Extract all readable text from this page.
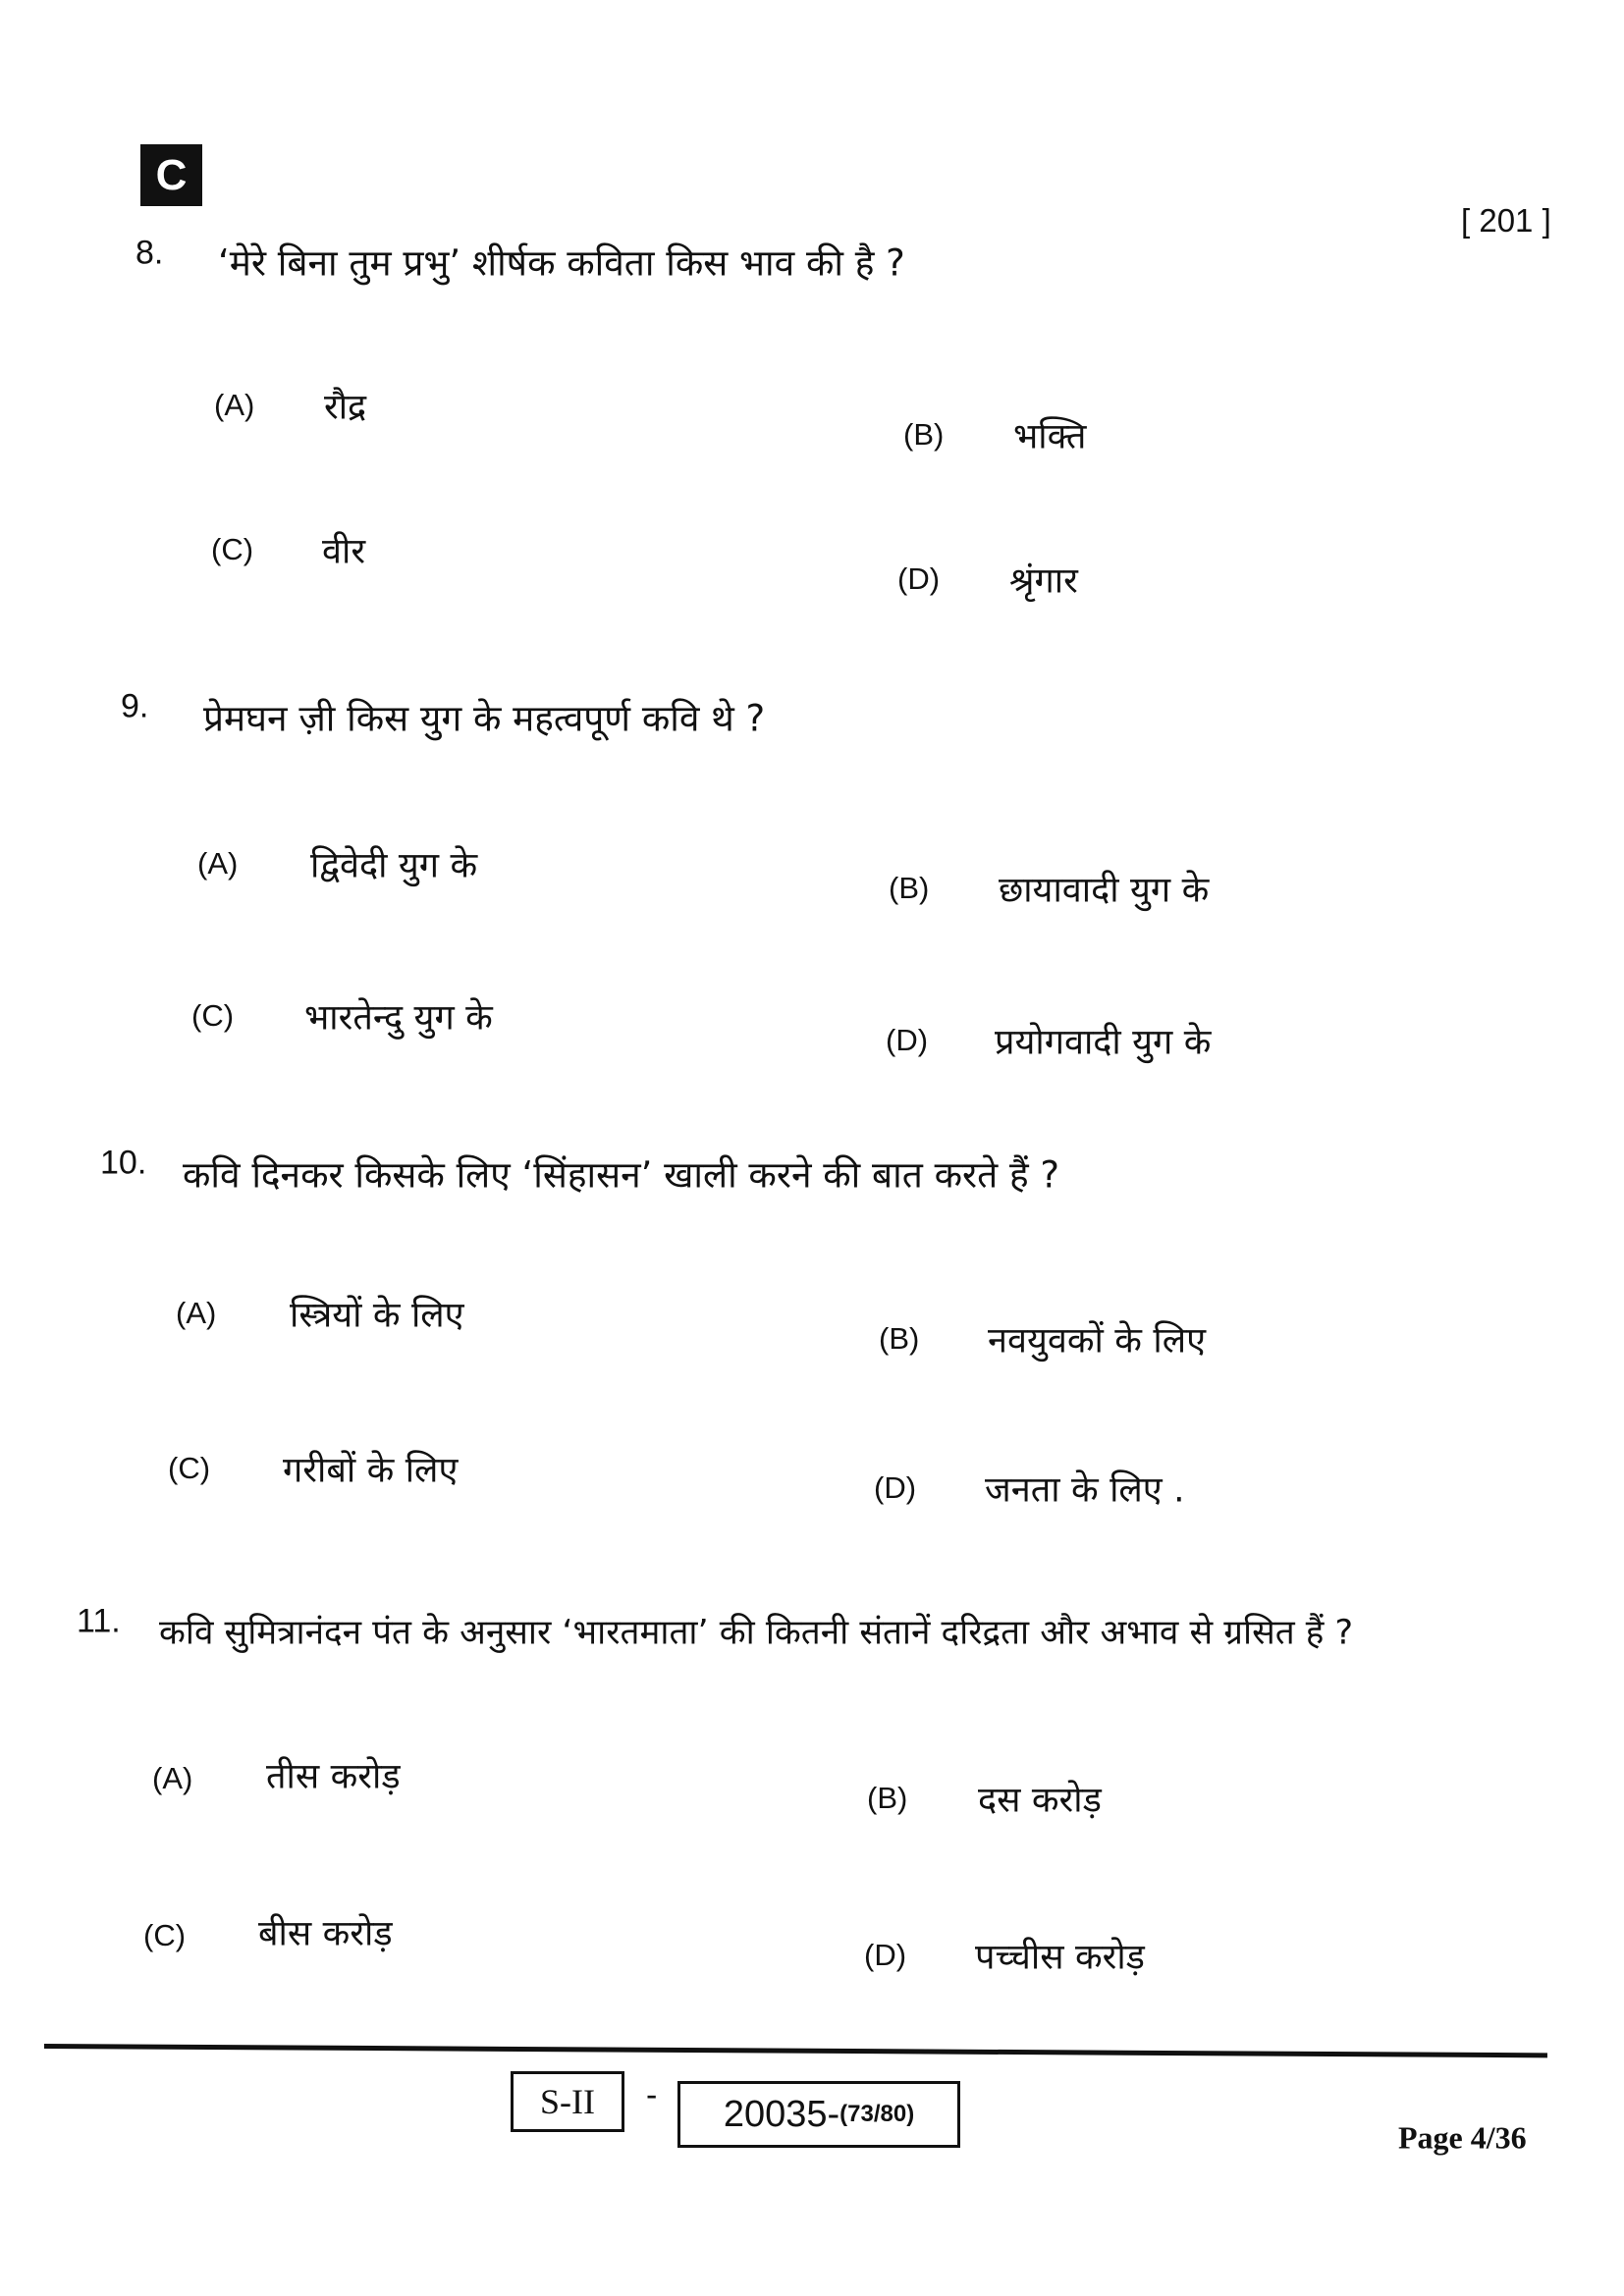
C
[ 201 ]
8. ‘मेरे बिना तुम प्रभु’ शीर्षक कविता किस भाव की है ?
(A) रौद्र
(B) भक्ति
(C) वीर
(D) श्रृंगार
9. प्रेमघन ज़ी किस युग के महत्वपूर्ण कवि थे ?
(A) द्विवेदी युग के
(B) छायावादी युग के
(C) भारतेन्दु युग के
(D) प्रयोगवादी युग के
10. कवि दिनकर किसके लिए ‘सिंहासन’ खाली करने की बात करते हैं ?
(A) स्त्रियों के लिए
(B) नवयुवकों के लिए
(C) गरीबों के लिए	(D) जनता के लिए .
11. कवि सुमित्रानंदन पंत के अनुसार ‘भारतमाता’ की कितनी संतानें दरिद्रता और अभाव से ग्रसित हैं ?
(A) तीस करोड़
(B) दस करोड़
(C) बीस करोड़
(D) पच्चीस करोड़
S-II	- 20035- (73/80)
Page 4/36
